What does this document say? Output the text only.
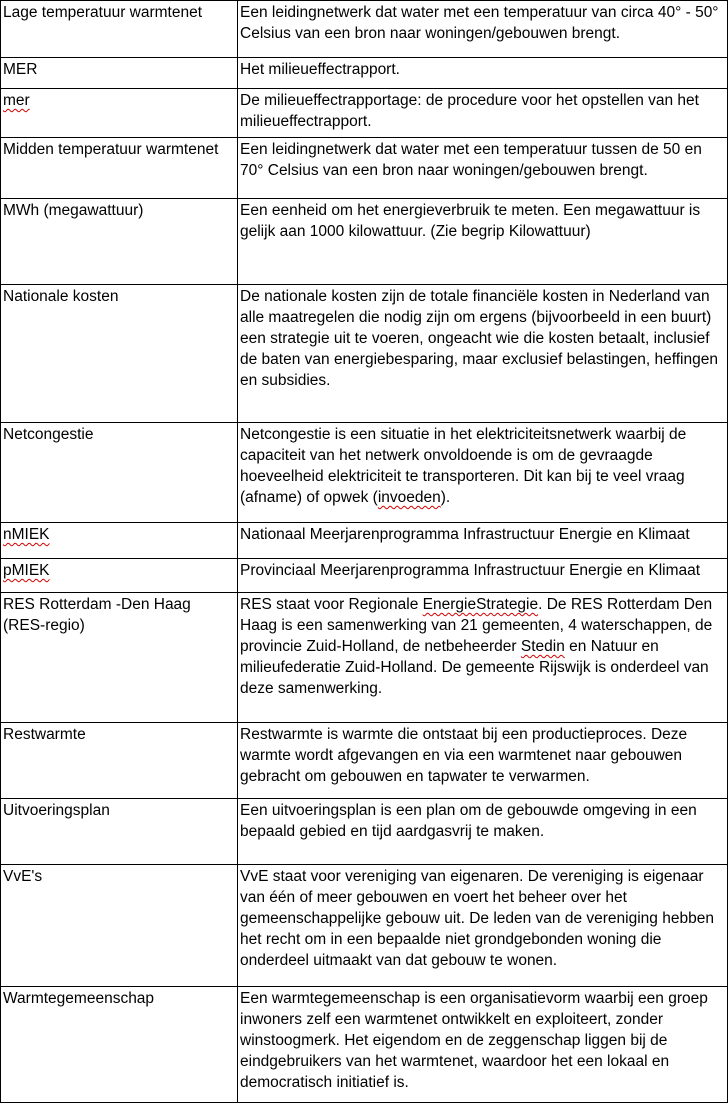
Lage temperatuur warmtenet	Een leidingnetwerk dat water met een temperatuur van circa 40° - 50° Celsius van een bron naar woningen/gebouwen brengt.
MER	Het milieueffectrapport.
mer	De milieueffectrapportage: de procedure voor het opstellen van het milieueffectrapport.
Midden temperatuur warmtenet	Een leidingnetwerk dat water met een temperatuur tussen de 50 en  70° Celsius van een bron naar woningen/gebouwen brengt.
MWh (megawattuur)	Een eenheid om het energieverbruik te meten. Een megawattuur is gelijk aan 1000 kilowattuur. (Zie begrip Kilowattuur)
Nationale kosten	De nationale kosten zijn de totale financiële kosten in Nederland van alle maatregelen die nodig zijn om ergens (bijvoorbeeld in een buurt) een strategie uit te voeren, ongeacht wie die kosten betaalt, inclusief de baten van energiebesparing, maar exclusief belastingen, heffingen en subsidies.
Netcongestie	Netcongestie is een situatie in het elektriciteitsnetwerk waarbij de capaciteit van het netwerk onvoldoende is om de gevraagde hoeveelheid elektriciteit te transporteren. Dit kan bij te veel vraag (afname) of opwek (invoeden).
nMIEK	Nationaal Meerjarenprogramma Infrastructuur Energie en Klimaat
pMIEK	Provinciaal Meerjarenprogramma Infrastructuur Energie en Klimaat
RES Rotterdam -Den Haag (RES-regio)	RES staat voor Regionale EnergieStrategie. De RES Rotterdam Den Haag is een samenwerking van 21 gemeenten, 4 waterschappen, de provincie Zuid-Holland, de netbeheerder Stedin en Natuur en milieufederatie Zuid-Holland. De gemeente Rijswijk is onderdeel van deze samenwerking.
Restwarmte	Restwarmte is warmte die ontstaat bij een productieproces. Deze warmte wordt afgevangen en via een warmtenet naar gebouwen gebracht om gebouwen en tapwater te verwarmen.
Uitvoeringsplan	Een uitvoeringsplan is een plan om de gebouwde omgeving in een bepaald gebied en tijd aardgasvrij te maken.
VvE's	VvE staat voor vereniging van eigenaren. De vereniging is eigenaar van één of meer gebouwen en voert het beheer over het gemeenschappelijke gebouw uit. De leden van de vereniging hebben het recht om in een bepaalde niet grondgebonden woning die onderdeel uitmaakt van dat gebouw te wonen.
Warmtegemeenschap	Een warmtegemeenschap is een organisatievorm waarbij een groep inwoners zelf een warmtenet ontwikkelt en exploiteert, zonder winstoogmerk. Het eigendom en de zeggenschap liggen bij de eindgebruikers van het warmtenet, waardoor het een lokaal en democratisch initiatief is.
